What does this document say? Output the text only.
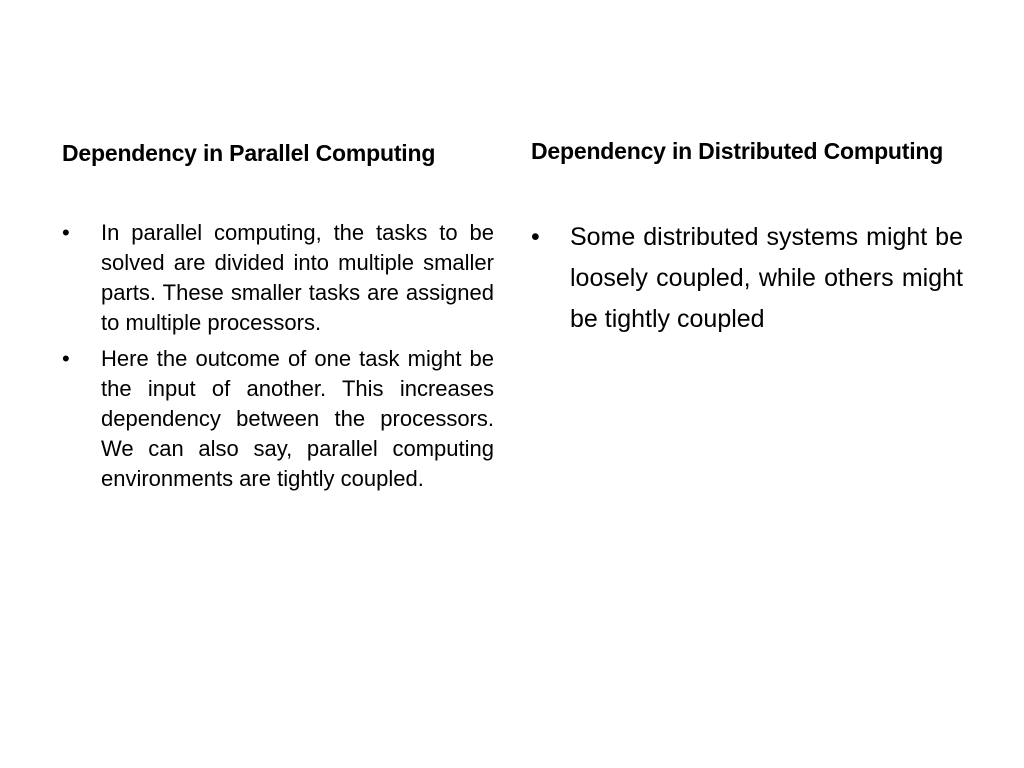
Dependency in Parallel Computing
•	In parallel computing, the tasks to be solved are divided into multiple smaller parts. These smaller tasks are assigned to multiple processors.
•	Here the outcome of one task might be the input of another. This increases dependency between the processors. We can also say, parallel computing environments are tightly coupled.
Dependency in Distributed Computing
•	Some distributed systems might be loosely coupled, while others might be tightly coupled
